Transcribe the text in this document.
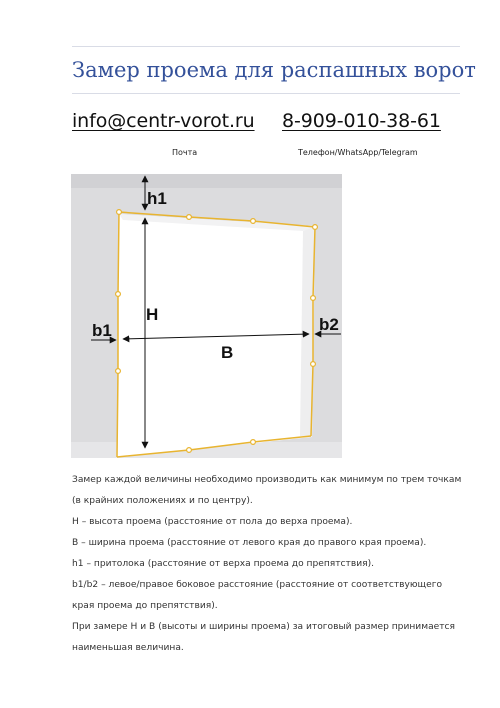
Замер проема для распашных ворот
info@centr-vorot.ru 8-909-010-38-61
Почта	Телефон/WhatsApp/Telegram
h1
H
b1	b2
B

Замер каждой величины необходимо производить как минимум по трем точкам (в крайних положениях и по центру).

Н – высота проема (расстояние от пола до верха проема).

В – ширина проема (расстояние от левого края до правого края проема).

h1 – притолока (расстояние от верха проема до препятствия).

b1/b2 – левое/правое боковое расстояние (расстояние от соответствующего края проема до препятствия).

При замере Н и В (высоты и ширины проема) за итоговый размер принимается наименьшая величина.
